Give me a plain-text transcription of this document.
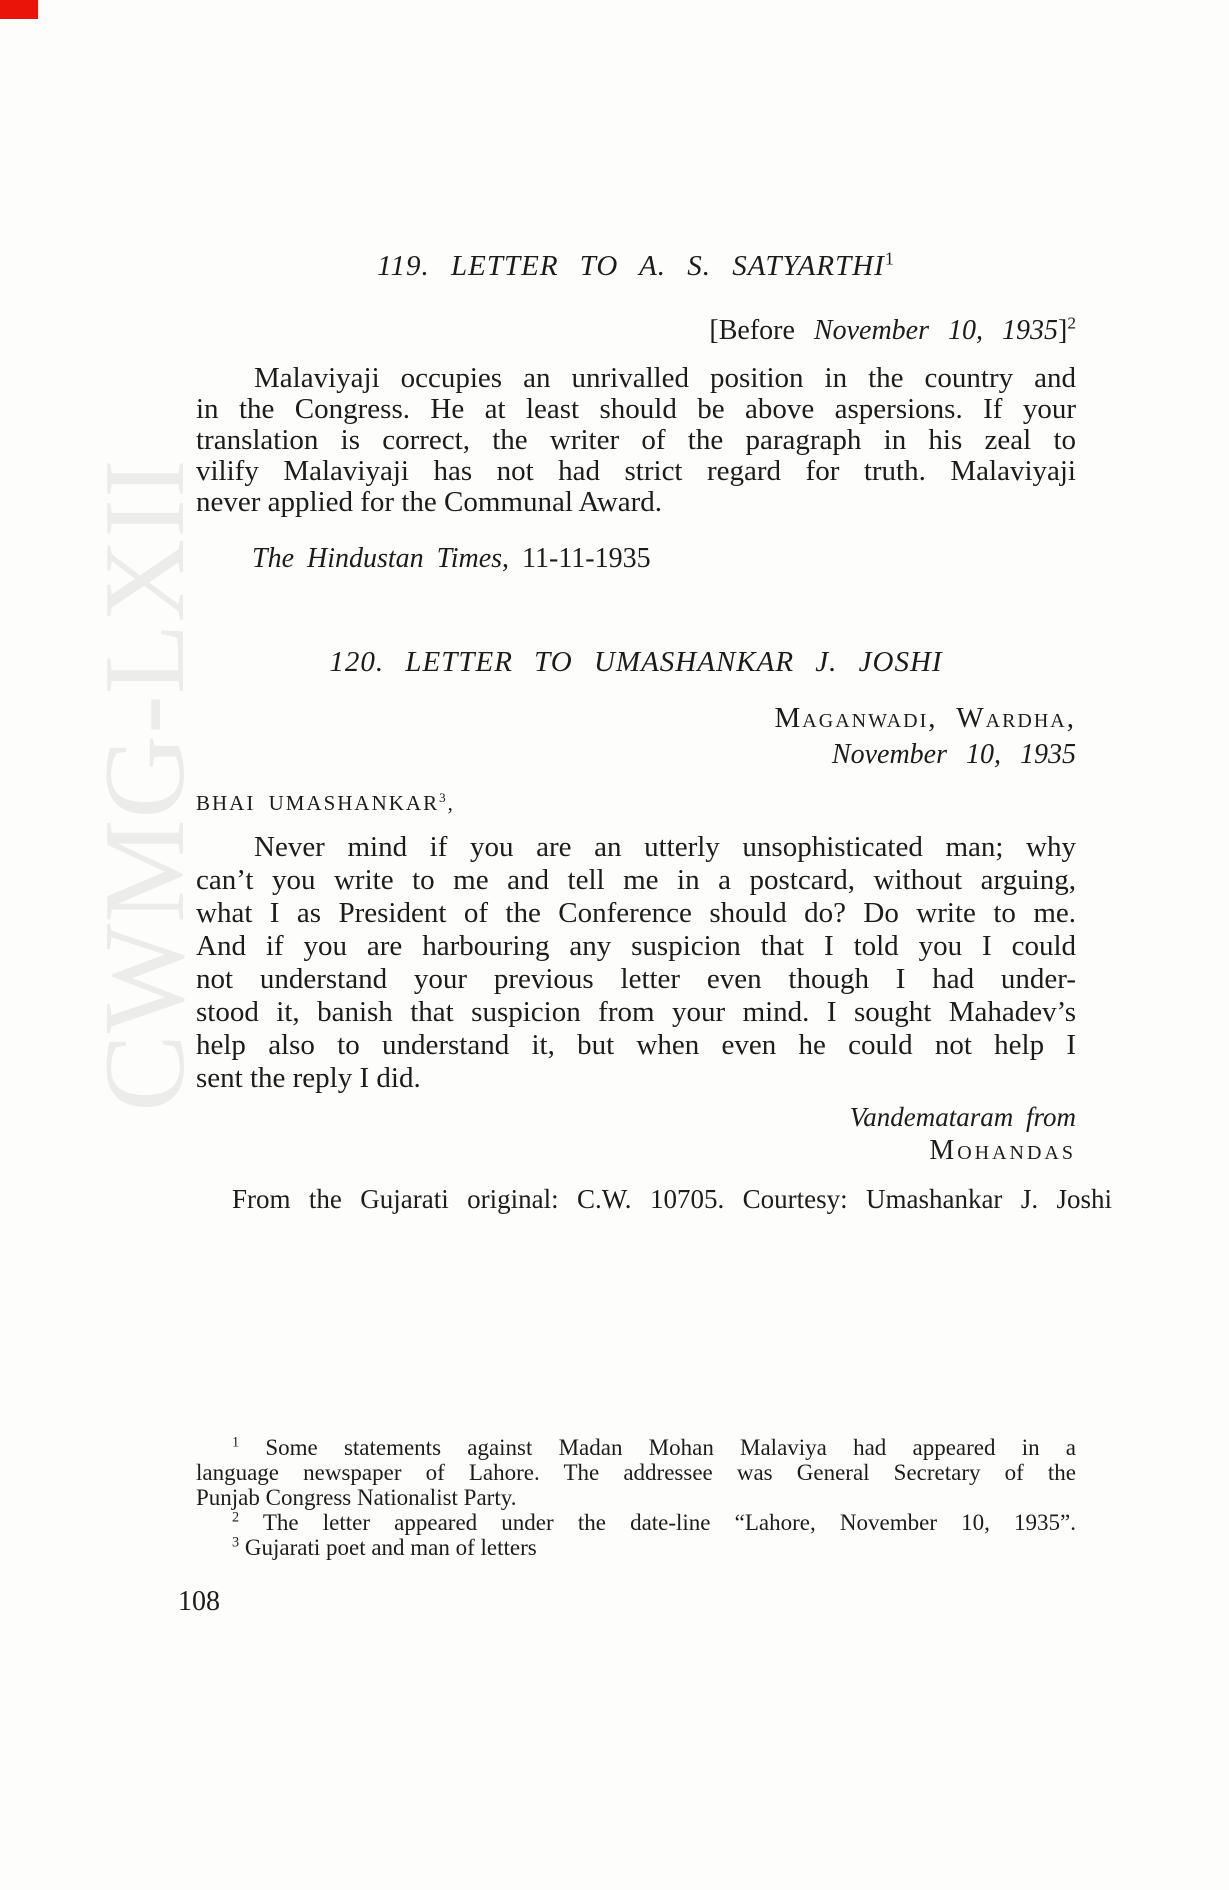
CWMG-LXII
119. LETTER TO A. S. SATYARTHI$^1$
[Before November 10, 1935]$^2$
Malaviyaji occupies an unrivalled position in the country and
in the Congress. He at least should be above aspersions. If your
translation is correct, the writer of the paragraph in his zeal to
vilify Malaviyaji has not had strict regard for truth. Malaviyaji
never applied for the Communal Award.
The Hindustan Times, 11-11-1935
120. LETTER TO UMASHANKAR J. JOSHI
Maganwadi, Wardha,
November 10, 1935
BHAI UMASHANKAR$^3$,
Never mind if you are an utterly unsophisticated man; why
can’t you write to me and tell me in a postcard, without arguing,
what I as President of the Conference should do? Do write to me.
And if you are harbouring any suspicion that I told you I could
not understand your previous letter even though I had under-
stood it, banish that suspicion from your mind. I sought Mahadev’s
help also to understand it, but when even he could not help I
sent the reply I did.
Vandemataram from
Mohandas
From the Gujarati original: C.W. 10705. Courtesy: Umashankar J. Joshi
$^1$ Some statements against Madan Mohan Malaviya had appeared in a
language newspaper of Lahore. The addressee was General Secretary of the
Punjab Congress Nationalist Party.
$^2$ The letter appeared under the date-line “Lahore, November 10, 1935”.
$^3$ Gujarati poet and man of letters
108
